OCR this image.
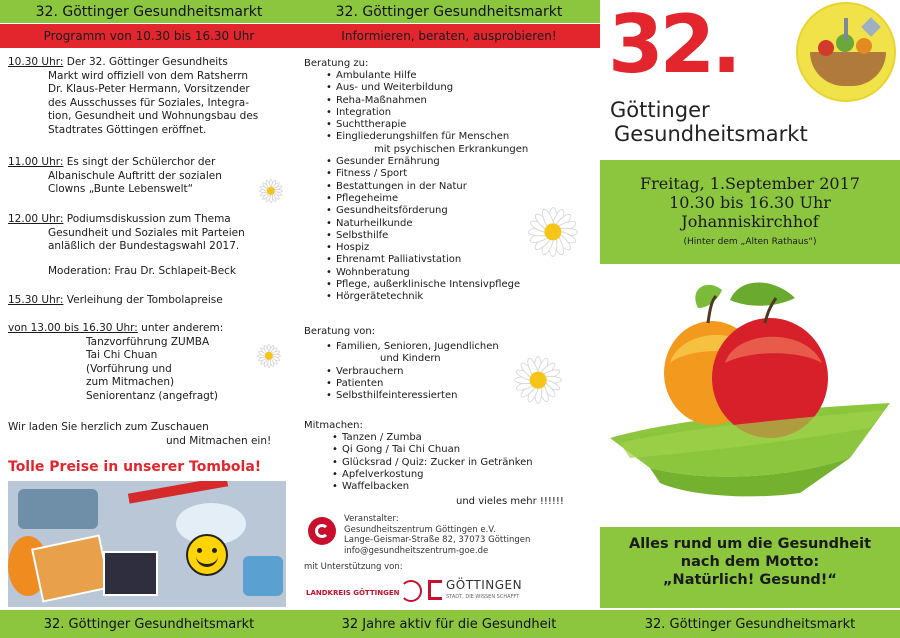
32. Göttinger Gesundheitsmarkt
Programm von 10.30 bis 16.30 Uhr
10.30 Uhr: Der 32. Göttinger Gesundheits
Markt wird offiziell von dem Ratsherrn
Dr. Klaus-Peter Hermann, Vorsitzender
des Ausschusses für Soziales, Integra-
tion, Gesundheit und Wohnungsbau des
Stadtrates Göttingen eröffnet.
11.00 Uhr: Es singt der Schülerchor der
Albanischule Auftritt der sozialen
Clowns „Bunte Lebenswelt“
12.00 Uhr: Podiumsdiskussion zum Thema
Gesundheit und Soziales mit Parteien
anläßlich der Bundestagswahl 2017.
Moderation: Frau Dr. Schlapeit-Beck
15.30 Uhr: Verleihung der Tombolapreise
von 13.00 bis 16.30 Uhr: unter anderem:
Tanzvorführung ZUMBA
Tai Chi Chuan
(Vorführung und
zum Mitmachen)
Seniorentanz (angefragt)
Wir laden Sie herzlich zum Zuschauen
und Mitmachen ein!
Tolle Preise in unserer Tombola!
32. Göttinger Gesundheitsmarkt
32. Göttinger Gesundheitsmarkt
Informieren, beraten, ausprobieren!
Beratung zu:
• Ambulante Hilfe
• Aus- und Weiterbildung
• Reha-Maßnahmen
• Integration
• Suchttherapie
• Eingliederungshilfen für Menschen
mit psychischen Erkrankungen
• Gesunder Ernährung
• Fitness / Sport
• Bestattungen in der Natur
• Pflegeheime
• Gesundheitsförderung
• Naturheilkunde
• Selbsthilfe
• Hospiz
• Ehrenamt Palliativstation
• Wohnberatung
• Pflege, außerklinische Intensivpflege
• Hörgerätetechnik
Beratung von:
• Familien, Senioren, Jugendlichen
und Kindern
• Verbrauchern
• Patienten
• Selbsthilfeinteressierten
Mitmachen:
• Tanzen / Zumba
• Qi Gong / Tai Chi Chuan
• Glücksrad / Quiz: Zucker in Getränken
• Apfelverkostung
• Waffelbacken
und vieles mehr !!!!!!
Veranstalter:
Gesundheitszentrum Göttingen e.V.
Lange-Geismar-Straße 82, 37073 Göttingen
info@gesundheitszentrum-goe.de
mit Unterstützung von:
LANDKREIS GÖTTINGEN
GÖTTINGEN
STADT, DIE WISSEN SCHAFFT
32 Jahre aktiv für die Gesundheit
32.
Göttinger
Gesundheitsmarkt
Freitag, 1.September 2017
10.30 bis 16.30 Uhr
Johanniskirchhof
(Hinter dem „Alten Rathaus“)
Alles rund um die Gesundheit
nach dem Motto:
„Natürlich! Gesund!“
32. Göttinger Gesundheitsmarkt
